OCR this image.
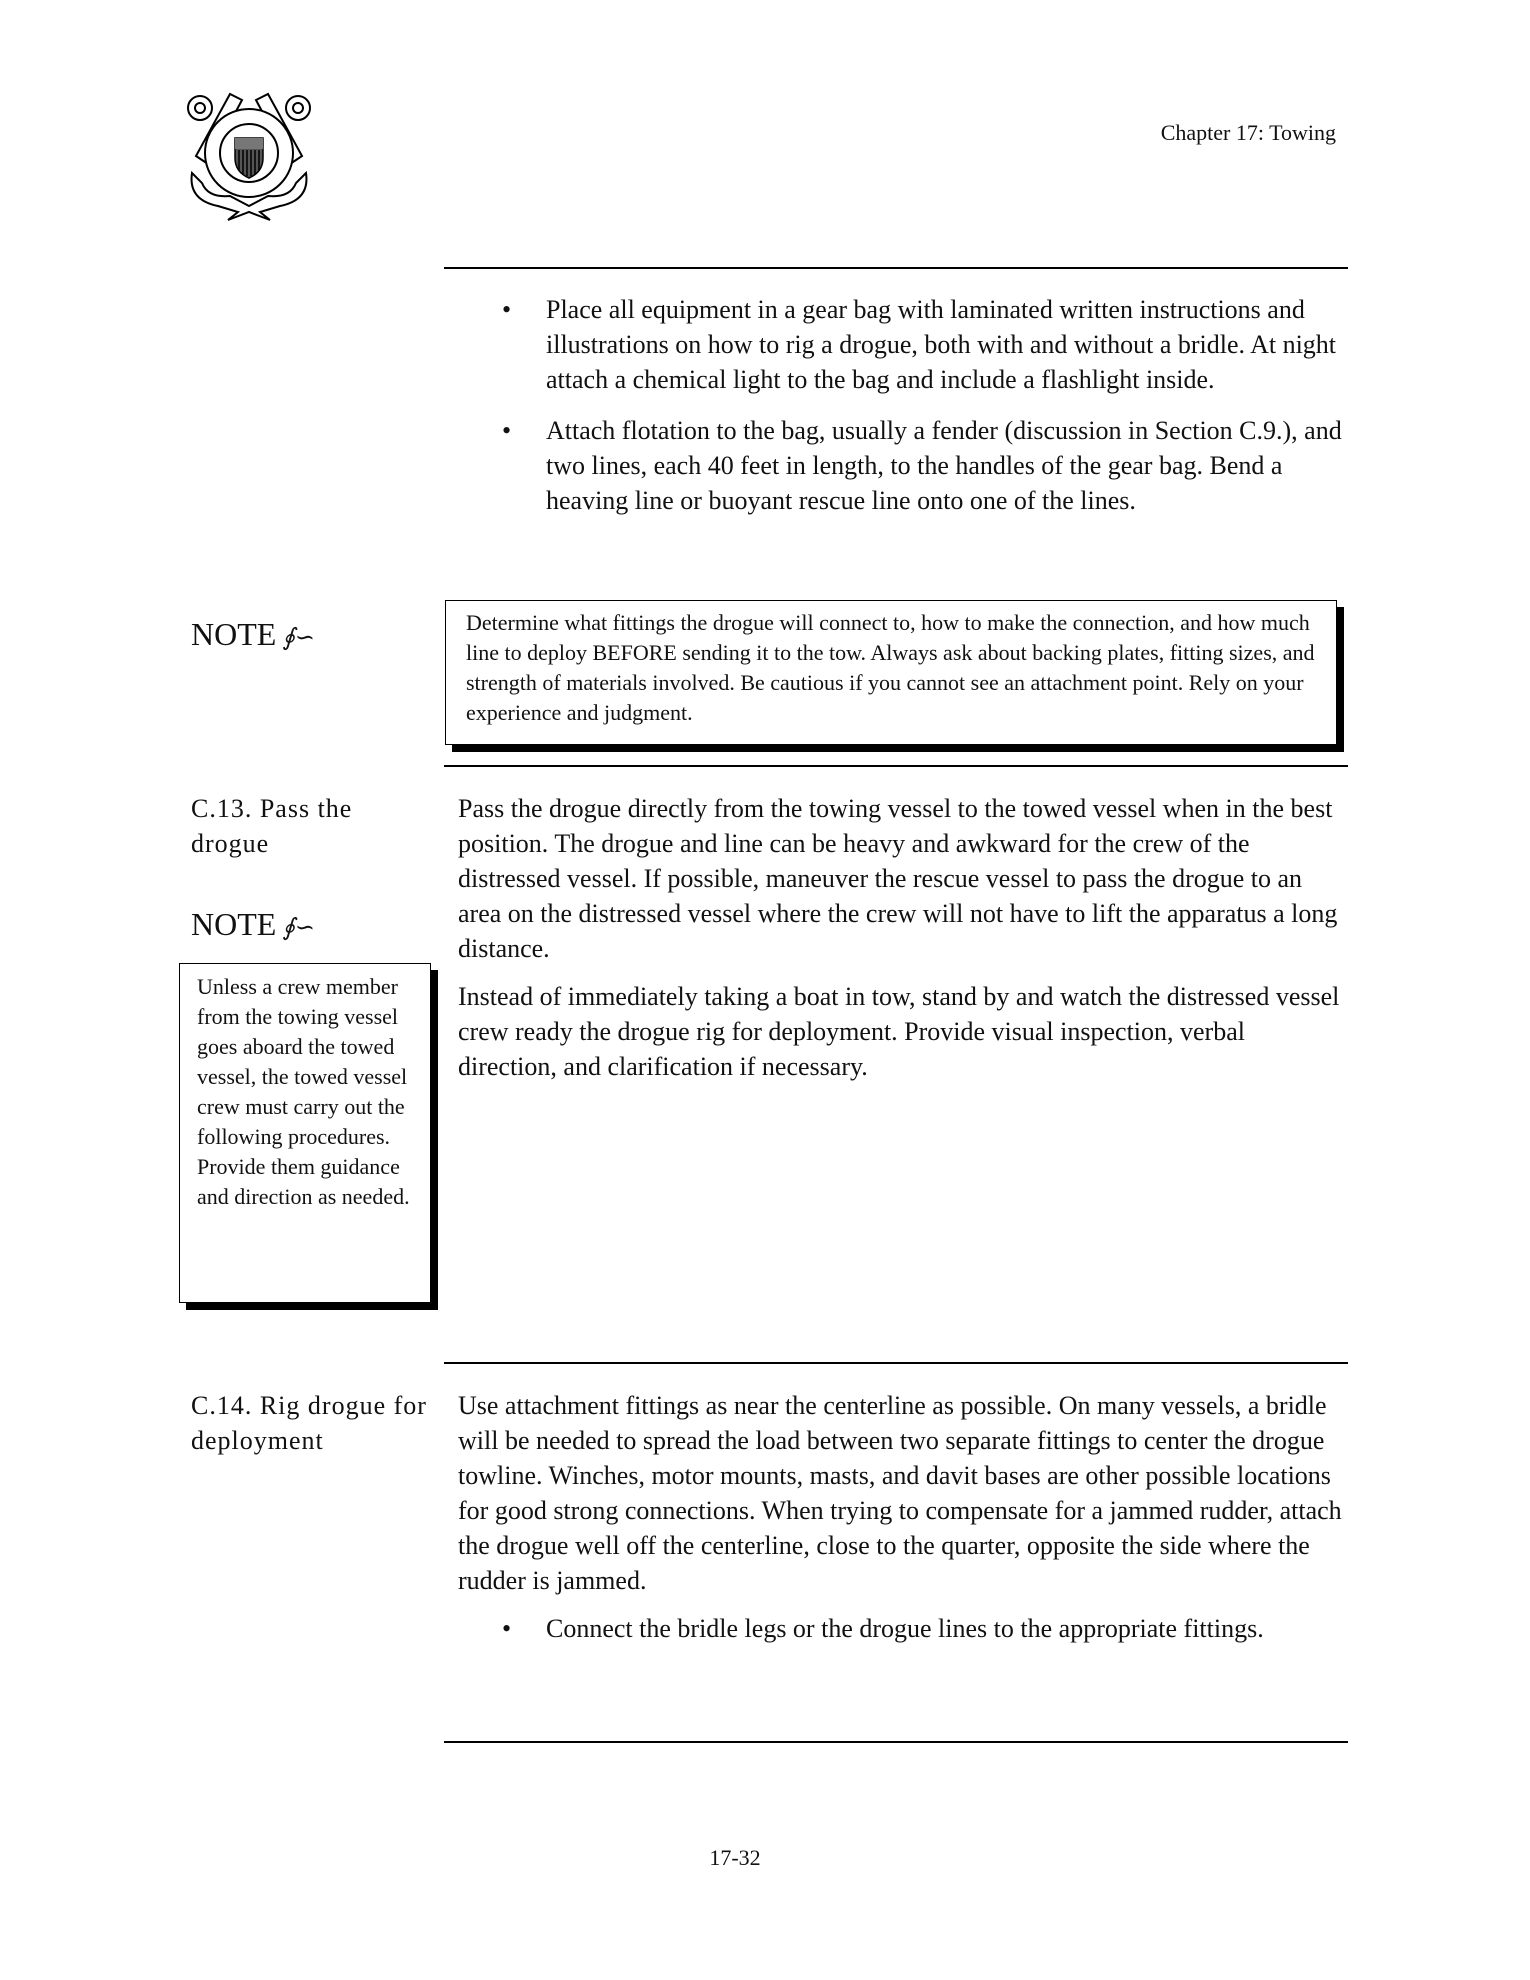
Chapter 17: Towing
•	Place all equipment in a gear bag with laminated written instructions and illustrations on how to rig a drogue, both with and without a bridle. At night attach a chemical light to the bag and include a flashlight inside.
•	Attach flotation to the bag, usually a fender (discussion in Section C.9.), and two lines, each 40 feet in length, to the handles of the gear bag. Bend a heaving line or buoyant rescue line onto one of the lines.
NOTE ∮∽
Determine what fittings the drogue will connect to, how to make the connection, and how much line to deploy BEFORE sending it to the tow. Always ask about backing plates, fitting sizes, and strength of materials involved. Be cautious if you cannot see an attachment point. Rely on your experience and judgment.
C.13. Pass the drogue
NOTE ∮∽
Unless a crew member from the towing vessel goes aboard the towed vessel, the towed vessel crew must carry out the following procedures. Provide them guidance and direction as needed.

Pass the drogue directly from the towing vessel to the towed vessel when in the best position. The drogue and line can be heavy and awkward for the crew of the distressed vessel. If possible, maneuver the rescue vessel to pass the drogue to an area on the distressed vessel where the crew will not have to lift the apparatus a long distance.

Instead of immediately taking a boat in tow, stand by and watch the distressed vessel crew ready the drogue rig for deployment. Provide visual inspection, verbal direction, and clarification if necessary.

C.14. Rig drogue for deployment

Use attachment fittings as near the centerline as possible. On many vessels, a bridle will be needed to spread the load between two separate fittings to center the drogue towline. Winches, motor mounts, masts, and davit bases are other possible locations for good strong connections. When trying to compensate for a jammed rudder, attach the drogue well off the centerline, close to the quarter, opposite the side where the rudder is jammed.

•	Connect the bridle legs or the drogue lines to the appropriate fittings.
17-32
